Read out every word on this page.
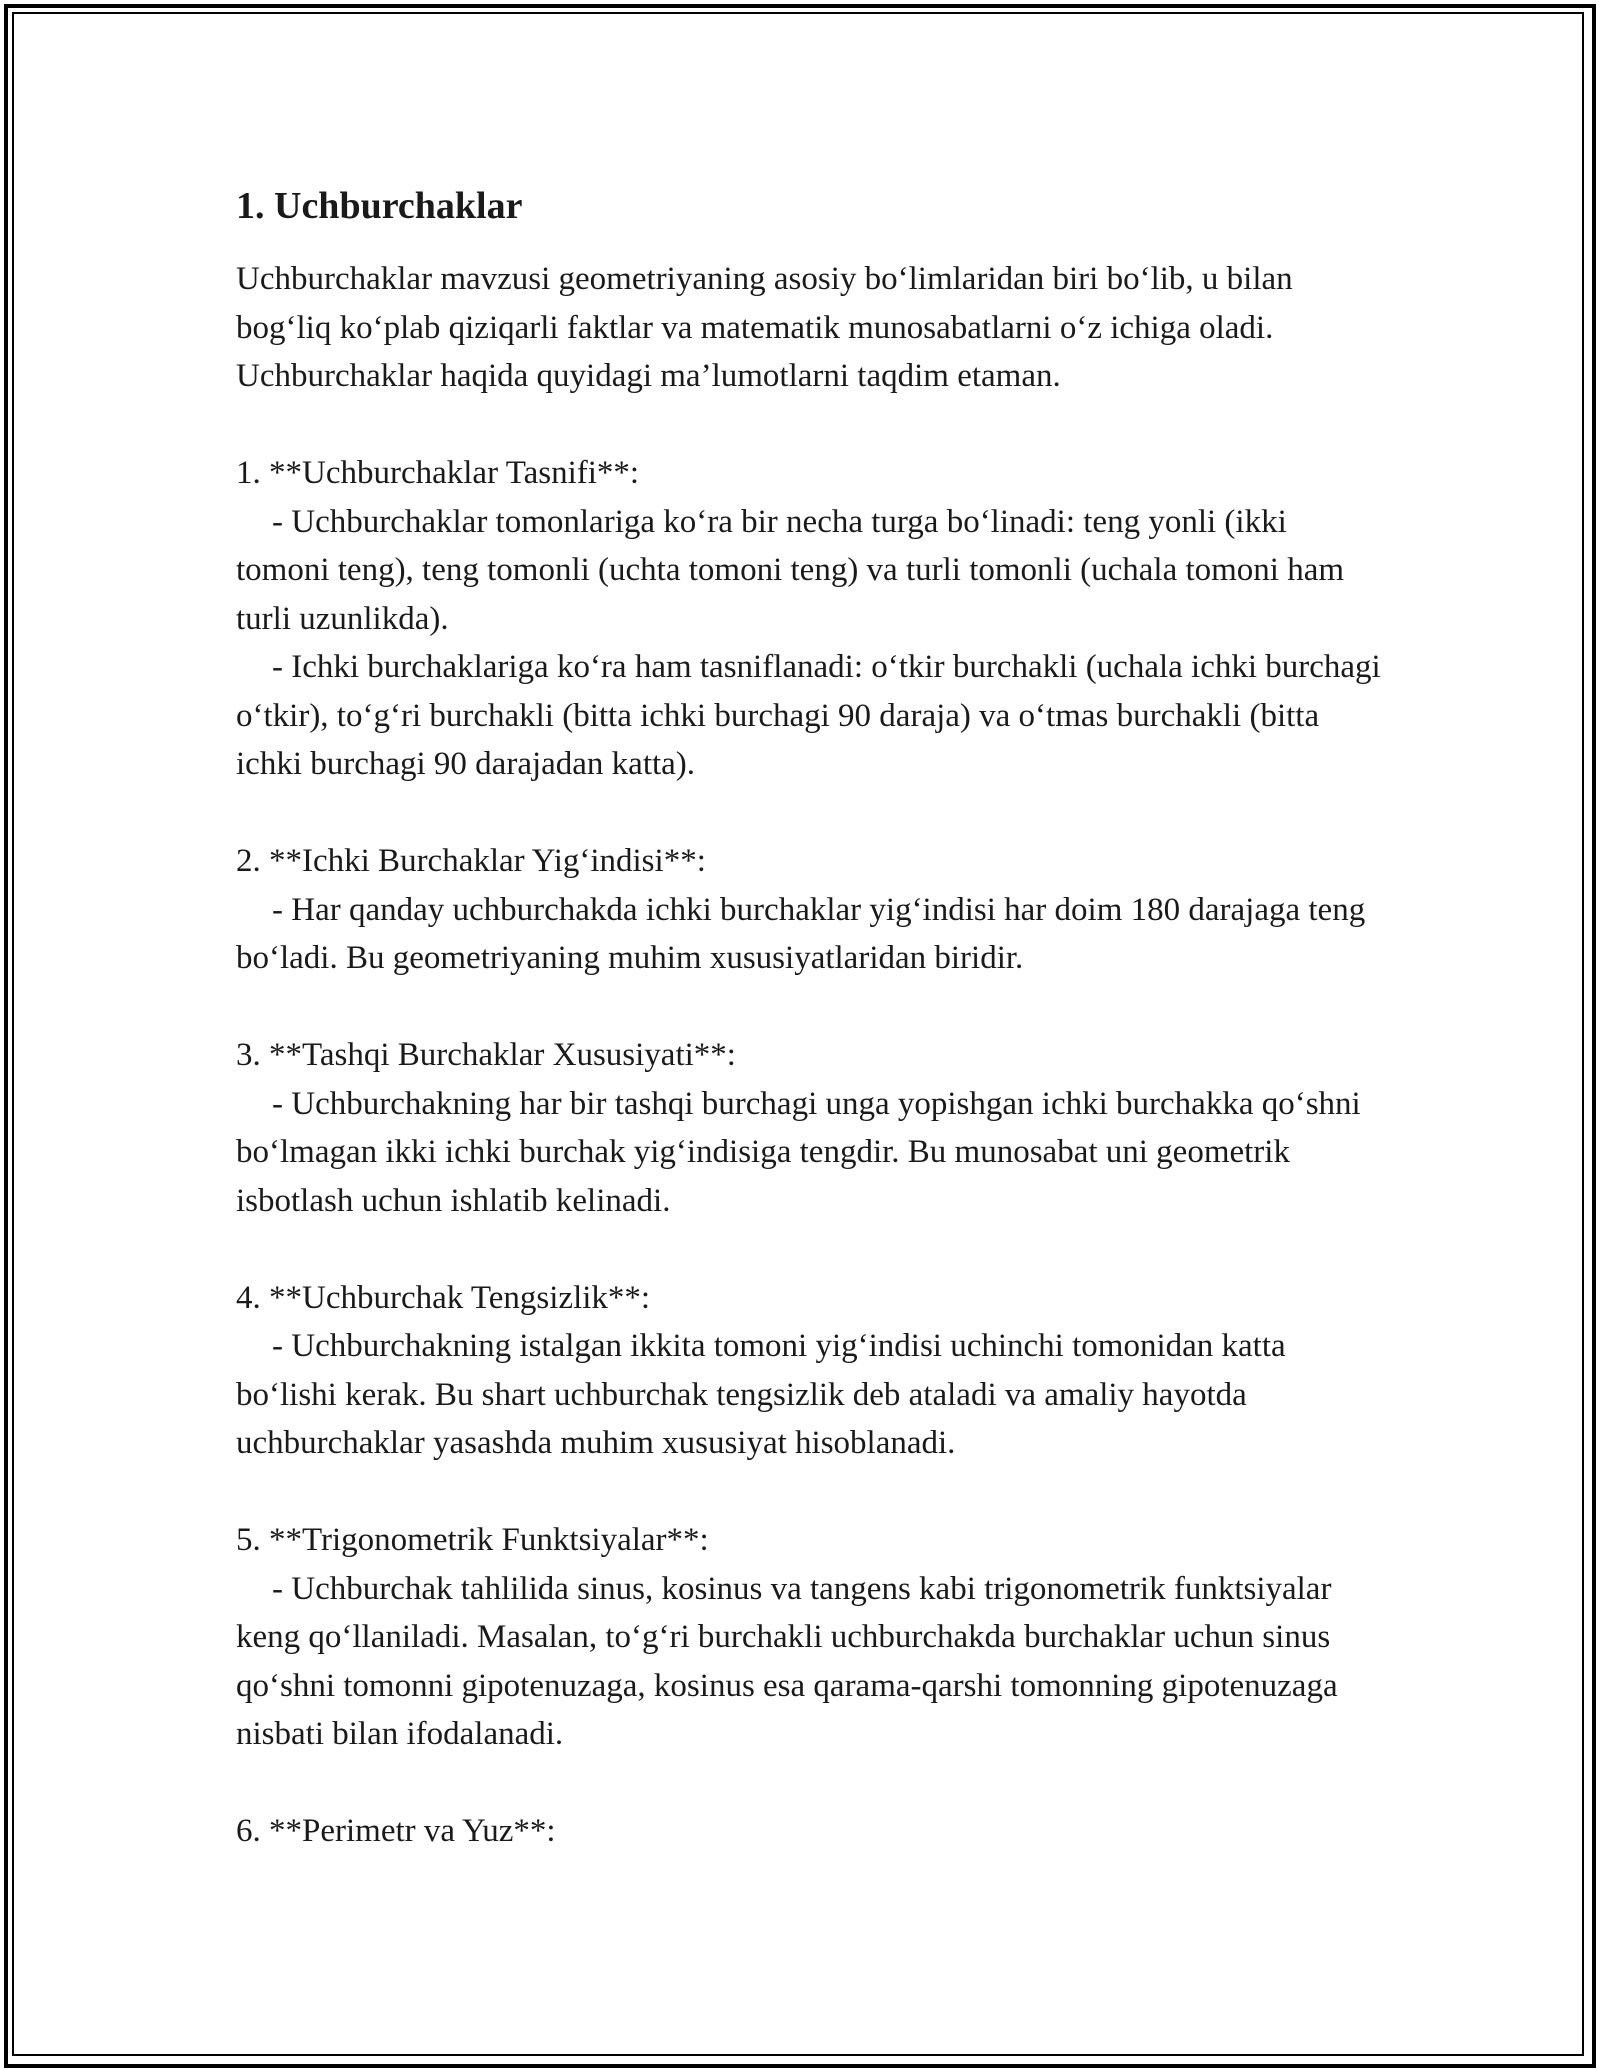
1. Uchburchaklar

Uchburchaklar mavzusi geometriyaning asosiy bo‘limlaridan biri bo‘lib, u bilan bog‘liq ko‘plab qiziqarli faktlar va matematik munosabatlarni o‘z ichiga oladi. Uchburchaklar haqida quyidagi ma’lumotlarni taqdim etaman.

1. **Uchburchaklar Tasnifi**:

- Uchburchaklar tomonlariga ko‘ra bir necha turga bo‘linadi: teng yonli (ikki tomoni teng), teng tomonli (uchta tomoni teng) va turli tomonli (uchala tomoni ham turli uzunlikda).

- Ichki burchaklariga ko‘ra ham tasniflanadi: o‘tkir burchakli (uchala ichki burchagi o‘tkir), to‘g‘ri burchakli (bitta ichki burchagi 90 daraja) va o‘tmas burchakli (bitta ichki burchagi 90 darajadan katta).

2. **Ichki Burchaklar Yig‘indisi**:

- Har qanday uchburchakda ichki burchaklar yig‘indisi har doim 180 darajaga teng bo‘ladi. Bu geometriyaning muhim xususiyatlaridan biridir.

3. **Tashqi Burchaklar Xususiyati**:

- Uchburchakning har bir tashqi burchagi unga yopishgan ichki burchakka qo‘shni bo‘lmagan ikki ichki burchak yig‘indisiga tengdir. Bu munosabat uni geometrik isbotlash uchun ishlatib kelinadi.

4. **Uchburchak Tengsizlik**:

- Uchburchakning istalgan ikkita tomoni yig‘indisi uchinchi tomonidan katta bo‘lishi kerak. Bu shart uchburchak tengsizlik deb ataladi va amaliy hayotda uchburchaklar yasashda muhim xususiyat hisoblanadi.

5. **Trigonometrik Funktsiyalar**:

- Uchburchak tahlilida sinus, kosinus va tangens kabi trigonometrik funktsiyalar keng qo‘llaniladi. Masalan, to‘g‘ri burchakli uchburchakda burchaklar uchun sinus qo‘shni tomonni gipotenuzaga, kosinus esa qarama-qarshi tomonning gipotenuzaga nisbati bilan ifodalanadi.

6. **Perimetr va Yuz**:
